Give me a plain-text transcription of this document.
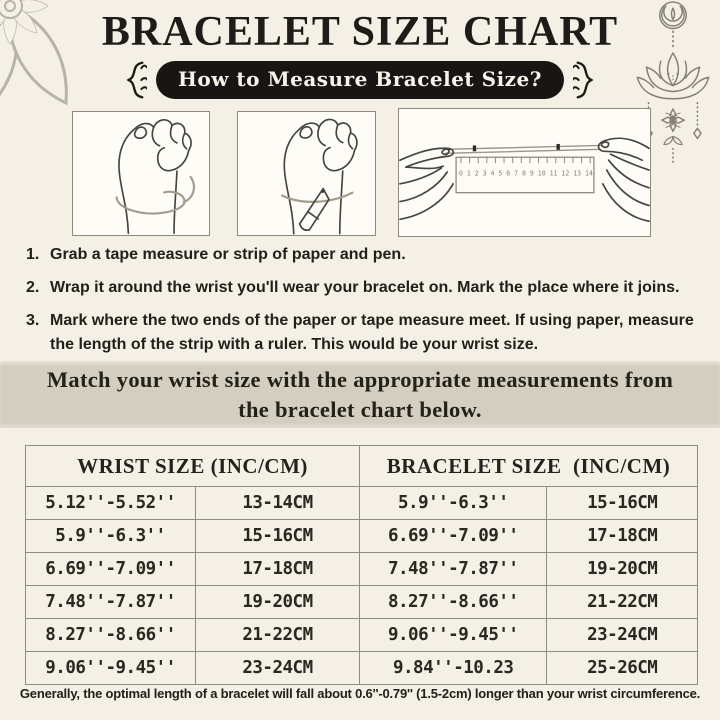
BRACELET SIZE CHART
How to Measure Bracelet Size?
0 1 2 3 4 5 6 7 8 9 10 11 12 13 14
1. Grab a tape measure or strip of paper and pen.
2. Wrap it around the wrist you'll wear your bracelet on. Mark the place where it joins.
3. Mark where the two ends of the paper or tape measure meet. If using paper, measure the length of the strip with a ruler. This would be your wrist size.

Match your wrist size with the appropriate measurements from the bracelet chart below.

WRIST SIZE (INC/CM)		BRACELET SIZE  (INC/CM)	
5.12''-5.52''	13-14CM	5.9''-6.3''	15-16CM
5.9''-6.3''	15-16CM	6.69''-7.09''	17-18CM
6.69''-7.09''	17-18CM	7.48''-7.87''	19-20CM
7.48''-7.87''	19-20CM	8.27''-8.66''	21-22CM
8.27''-8.66''	21-22CM	9.06''-9.45''	23-24CM
9.06''-9.45''	23-24CM	9.84''-10.23	25-26CM

Generally, the optimal length of a bracelet will fall about 0.6''-0.79'' (1.5-2cm) longer than your wrist circumference.
